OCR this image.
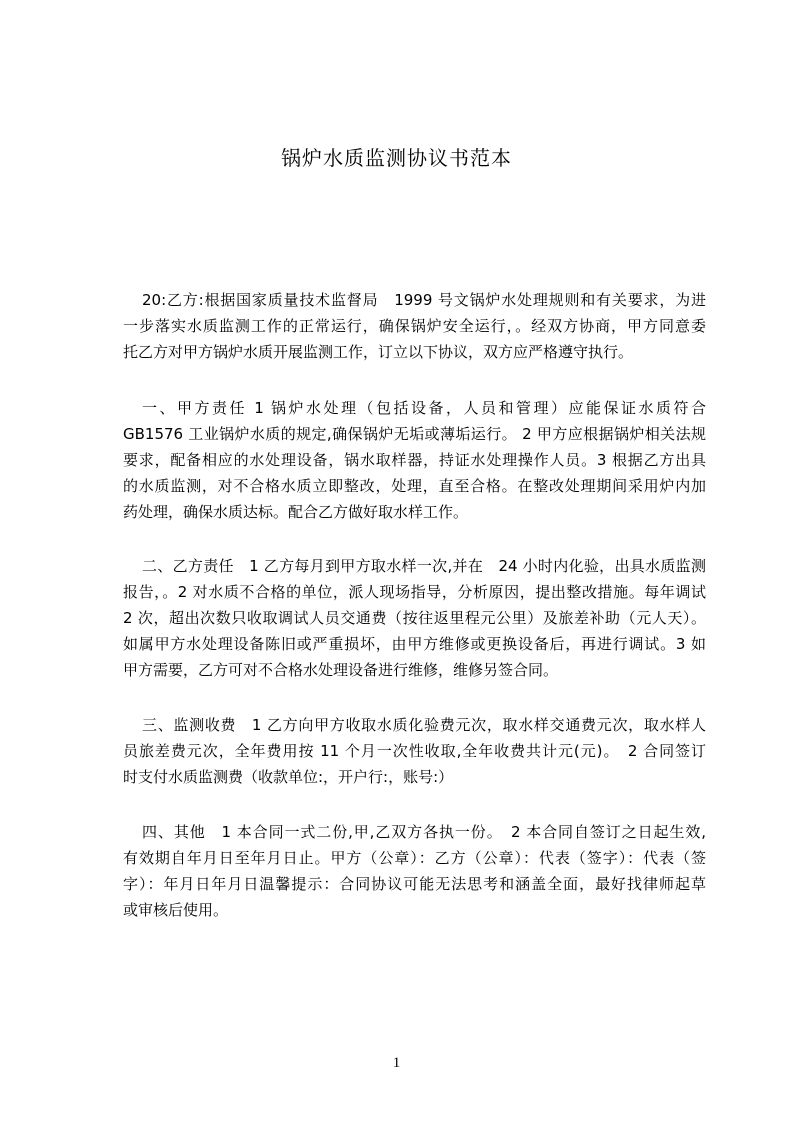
锅炉水质监测协议书范本
20:乙方:根据国家质量技术监督局　1999 号文锅炉水处理规则和有关要求，为进
一步落实水质监测工作的正常运行，确保锅炉安全运行，。经双方协商，甲方同意委
托乙方对甲方锅炉水质开展监测工作，订立以下协议，双方应严格遵守执行。
一、甲方责任 1 锅炉水处理（包括设备，人员和管理）应能保证水质符合
GB1576 工业锅炉水质的规定,确保锅炉无垢或薄垢运行。 2 甲方应根据锅炉相关法规
要求，配备相应的水处理设备，锅水取样器，持证水处理操作人员。3 根据乙方出具
的水质监测，对不合格水质立即整改，处理，直至合格。在整改处理期间采用炉内加
药处理，确保水质达标。配合乙方做好取水样工作。
二、乙方责任　1 乙方每月到甲方取水样一次,并在　24 小时内化验，出具水质监测
报告，。2 对水质不合格的单位，派人现场指导，分析原因，提出整改措施。每年调试
2 次，超出次数只收取调试人员交通费（按往返里程元公里）及旅差补助（元人天）。
如属甲方水处理设备陈旧或严重损坏，由甲方维修或更换设备后，再进行调试。3 如
甲方需要，乙方可对不合格水处理设备进行维修，维修另签合同。
三、监测收费　1 乙方向甲方收取水质化验费元次，取水样交通费元次，取水样人
员旅差费元次，全年费用按 11 个月一次性收取,全年收费共计元(元)。　2 合同签订
时支付水质监测费（收款单位:，开户行:，账号:）
四、其他　1 本合同一式二份,甲,乙双方各执一份。　2 本合同自签订之日起生效,
有效期自年月日至年月日止。甲方（公章）：乙方（公章）：代表（签字）：代表（签
字）：年月日年月日温馨提示：合同协议可能无法思考和涵盖全面，最好找律师起草
或审核后使用。
1
